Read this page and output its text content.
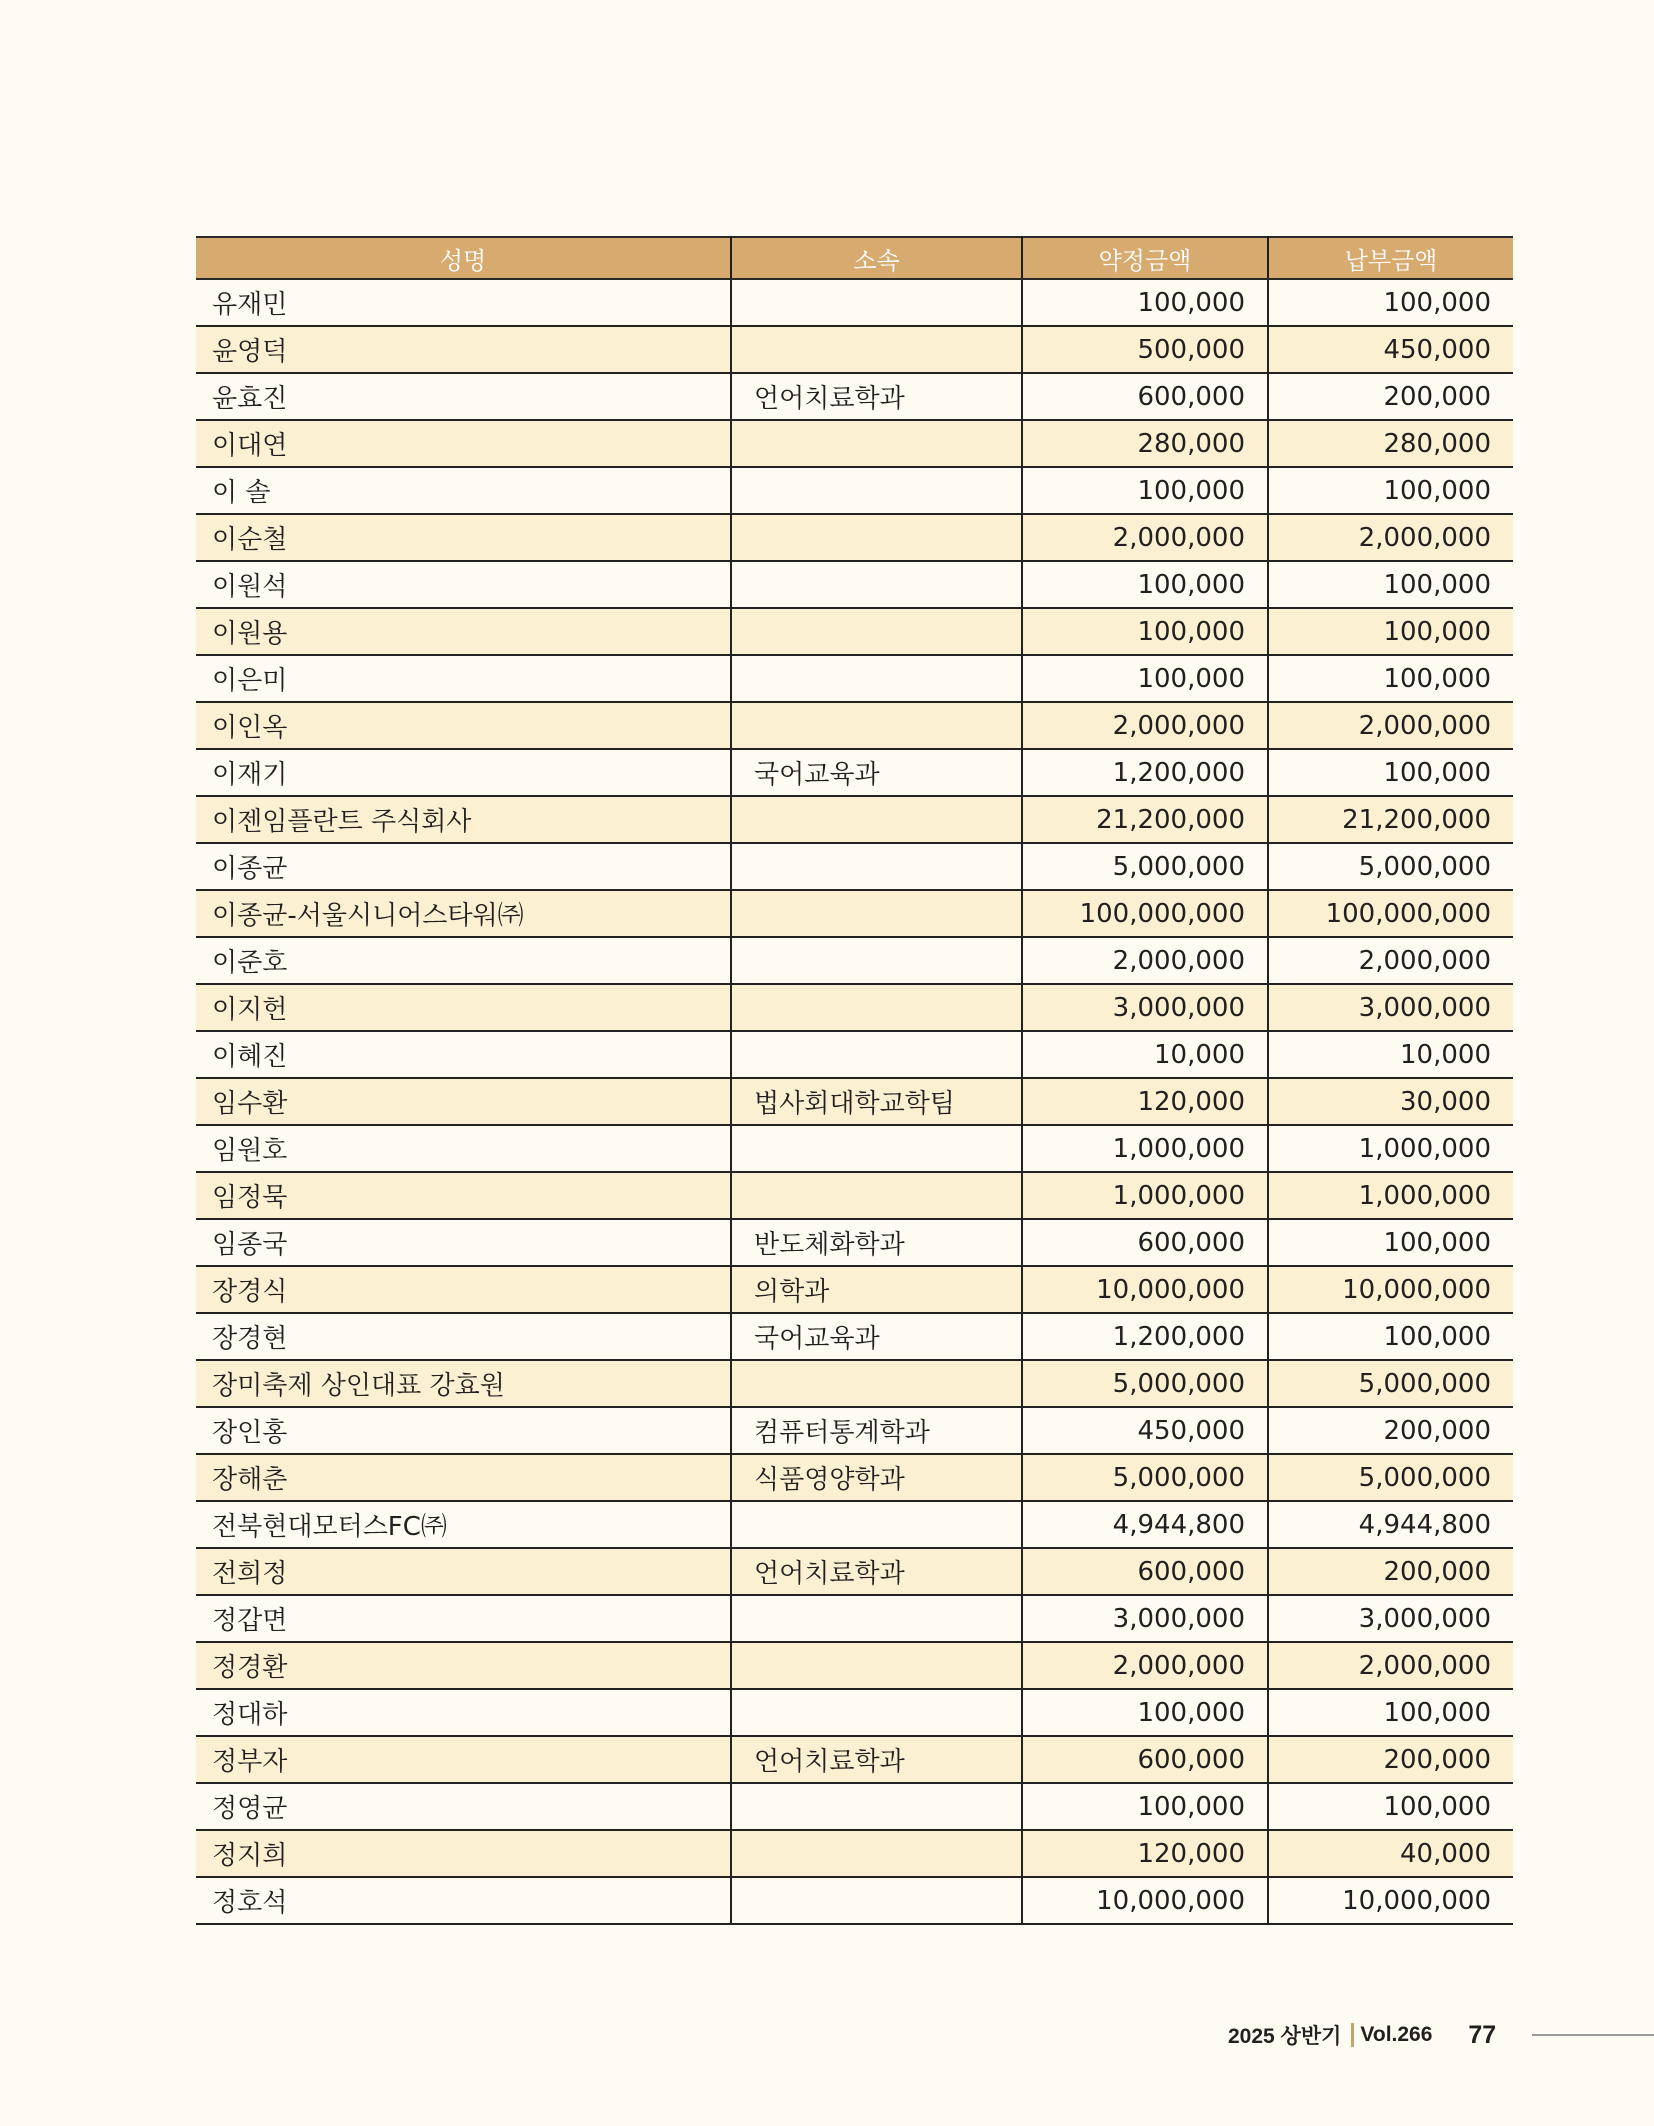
성명	소속	약정금액	납부금액
유재민		100,000	100,000
윤영덕		500,000	450,000
윤효진	언어치료학과	600,000	200,000
이대연		280,000	280,000
이 솔		100,000	100,000
이순철		2,000,000	2,000,000
이원석		100,000	100,000
이원용		100,000	100,000
이은미		100,000	100,000
이인옥		2,000,000	2,000,000
이재기	국어교육과	1,200,000	100,000
이젠임플란트 주식회사		21,200,000	21,200,000
이종균		5,000,000	5,000,000
이종균-서울시니어스타워㈜		100,000,000	100,000,000
이준호		2,000,000	2,000,000
이지헌		3,000,000	3,000,000
이혜진		10,000	10,000
임수환	법사회대학교학팀	120,000	30,000
임원호		1,000,000	1,000,000
임정묵		1,000,000	1,000,000
임종국	반도체화학과	600,000	100,000
장경식	의학과	10,000,000	10,000,000
장경현	국어교육과	1,200,000	100,000
장미축제 상인대표 강효원		5,000,000	5,000,000
장인홍	컴퓨터통계학과	450,000	200,000
장해춘	식품영양학과	5,000,000	5,000,000
전북현대모터스FC㈜		4,944,800	4,944,800
전희정	언어치료학과	600,000	200,000
정갑면		3,000,000	3,000,000
정경환		2,000,000	2,000,000
정대하		100,000	100,000
정부자	언어치료학과	600,000	200,000
정영균		100,000	100,000
정지희		120,000	40,000
정호석		10,000,000	10,000,000
2025 상반기 Vol.266 77
